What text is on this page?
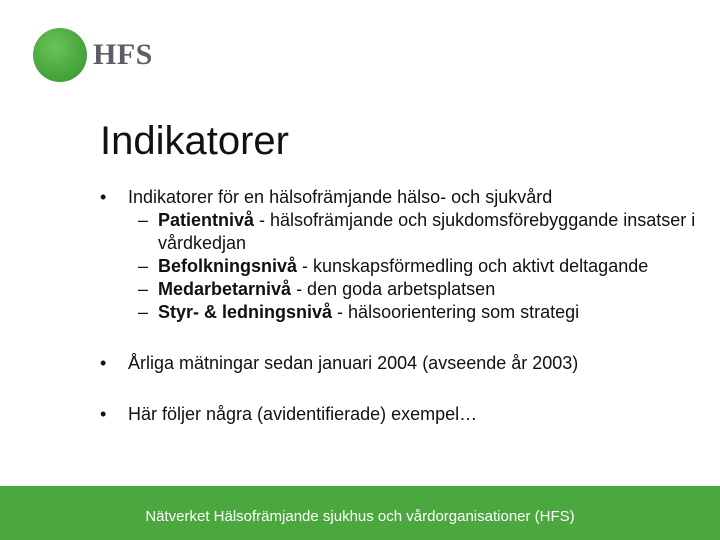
HFS
Indikatorer
• Indikatorer för en hälsofrämjande hälso- och sjukvård
– Patientnivå - hälsofrämjande och sjukdomsförebyggande insatser i vårdkedjan
– Befolkningsnivå - kunskapsförmedling och aktivt deltagande
– Medarbetarnivå - den goda arbetsplatsen
– Styr- & ledningsnivå - hälsoorientering som strategi
• Årliga mätningar sedan januari 2004 (avseende år 2003)
• Här följer några (avidentifierade) exempel…
Nätverket Hälsofrämjande sjukhus och vårdorganisationer (HFS)
